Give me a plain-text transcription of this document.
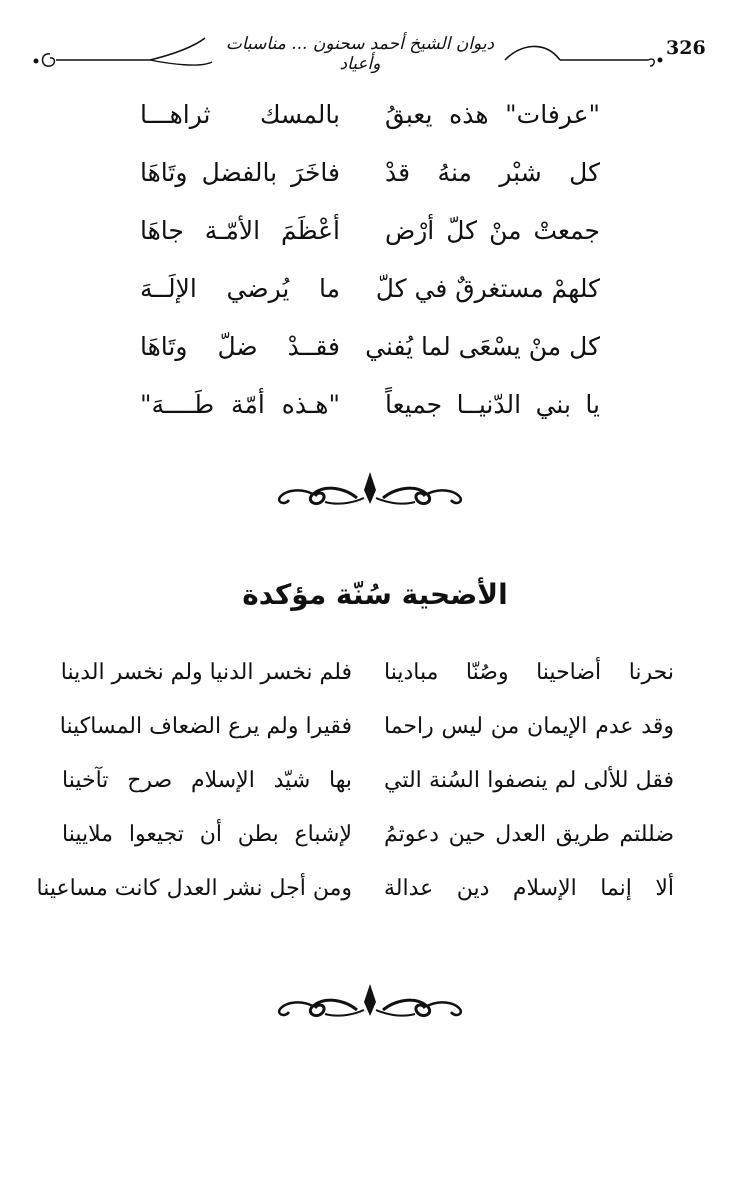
ديوان الشيخ أحمد سحنون ... مناسبات وأعياد
326
"عرفات" هذه يعبقُ
بالمسك ثراهـــا
كل شبْر منهُ قدْ
فاخَرَ بالفضل وتَاهَا
جمعتْ منْ كلّ أرْض
أعْظَمَ الأمّـة جاهَا
كلهمْ مستغرقٌ في كلّ
ما يُرضي الإلَــهَ
كل منْ يسْعَى لما يُفني
فقــدْ ضلّ وتَاهَا
يا بني الدّنيــا جميعاً
"هـذه أمّة طَــــهَ"
الأضحية سُنّة مؤكدة
نحرنا أضاحينا وصُنّا مبادينا
فلم نخسر الدنيا ولم نخسر الدينا
وقد عدم الإيمان من ليس راحما
فقيرا ولم يرع الضعاف المساكينا
فقل للألى لم ينصفوا السُنة التي
بها شيّد الإسلام صرح تآخينا
ضللتم طريق العدل حين دعوتمُ
لإشباع بطن أن تجيعوا ملايينا
ألا إنما الإسلام دين عدالة
ومن أجل نشر العدل كانت مساعينا
